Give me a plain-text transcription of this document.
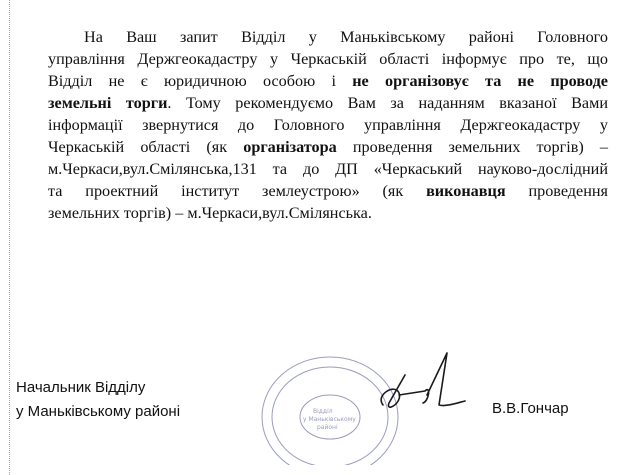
На Ваш запит Відділ у Маньківському районі Головного
управління Держгеокадастру у Черкаській області інформує про те, що
Відділ не є юридичною особою і не організовує та не проводе
земельні торги. Тому рекомендуємо Вам за наданням вказаної Вами
інформації звернутися до Головного управління Держгеокадастру у
Черкаській області (як організатора проведення земельних торгів) –
м.Черкаси,вул.Смілянська,131 та до ДП «Черкаський науково-дослідний
та проектний інститут землеустрою» (як виконавця проведення
земельних торгів) – м.Черкаси,вул.Смілянська.
Відділ
у Маньківському
районі
Начальник Відділу
у Маньківському районі	В.В.Гончар
